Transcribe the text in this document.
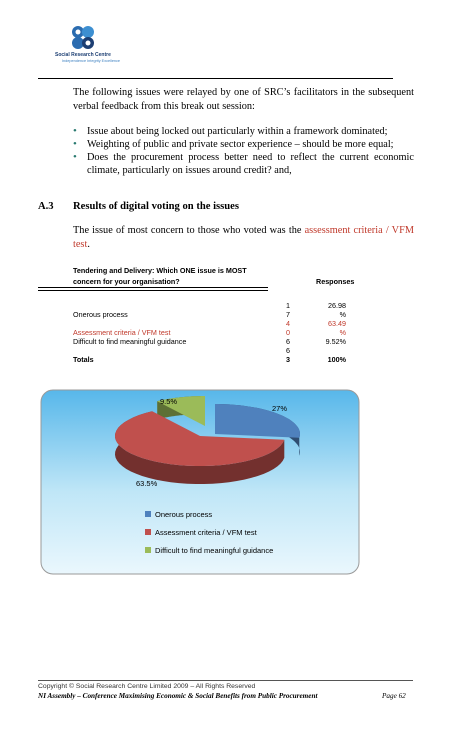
Social Research Centre
Independence Integrity Excellence
The following issues were relayed by one of SRC’s facilitators in the subsequent verbal feedback from this break out session:
• Issue about being locked out particularly within a framework dominated;
• Weighting of public and private sector experience – should be more equal;
• Does the procurement process better need to reflect the current economic climate, particularly on issues around credit? and,
A.3 Results of digital voting on the issues
The issue of most concern to those who voted was the assessment criteria / VFM test.
Tendering and Delivery: Which ONE issue is MOST
concern for your organisation?	Responses
1	26.98
Onerous process	7	%
4	63.49
Assessment criteria / VFM test	0	%
Difficult to find meaningful guidance	6	9.52%
6
Totals	3	100%
27%
63.5%
9.5%
Onerous process
Assessment criteria / VFM test
Difficult to find meaningful guidance
Copyright © Social Research Centre Limited 2009 – All Rights Reserved
NI Assembly – Conference Maximising Economic & Social Benefits from Public Procurement	Page 62
